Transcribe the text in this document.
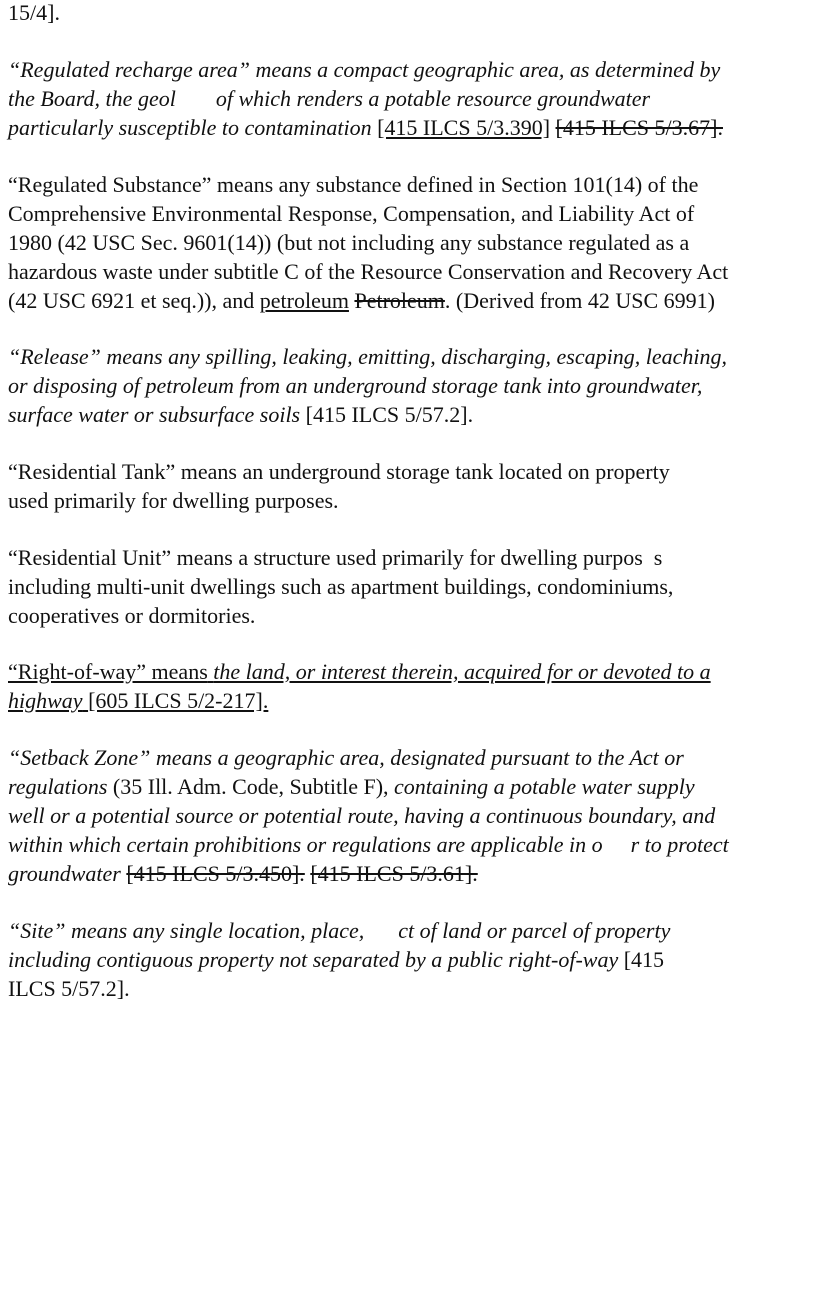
15/4].

“Regulated recharge area” means a compact geographic area, as determined by
the Board, the geol of which renders a potable resource groundwater
particularly susceptible to contamination [415 ILCS 5/3.390] [415 ILCS 5/3.67].

“Regulated Substance” means any substance defined in Section 101(14) of the
Comprehensive Environmental Response, Compensation, and Liability Act of
1980 (42 USC Sec. 9601(14)) (but not including any substance regulated as a
hazardous waste under subtitle C of the Resource Conservation and Recovery Act
(42 USC 6921 et seq.)), and petroleum Petroleum. (Derived from 42 USC 6991)

“Release” means any spilling, leaking, emitting, discharging, escaping, leaching,
or disposing of petroleum from an underground storage tank into groundwater,
surface water or subsurface soils [415 ILCS 5/57.2].

“Residential Tank” means an underground storage tank located on property
used primarily for dwelling purposes.

“Residential Unit” means a structure used primarily for dwelling purpos  s
including multi-unit dwellings such as apartment buildings, condominiums,
cooperatives or dormitories.

“Right-of-way” means the land, or interest therein, acquired for or devoted to a
highway [605 ILCS 5/2-217].

“Setback Zone” means a geographic area, designated pursuant to the Act or
regulations (35 Ill. Adm. Code, Subtitle F), containing a potable water supply
well or a potential source or potential route, having a continuous boundary, and
within which certain prohibitions or regulations are applicable in o r to protect
groundwater [415 ILCS 5/3.450]. [415 ILCS 5/3.61].

“Site” means any single location, place, ct of land or parcel of property
including contiguous property not separated by a public right-of-way [415
ILCS 5/57.2].
